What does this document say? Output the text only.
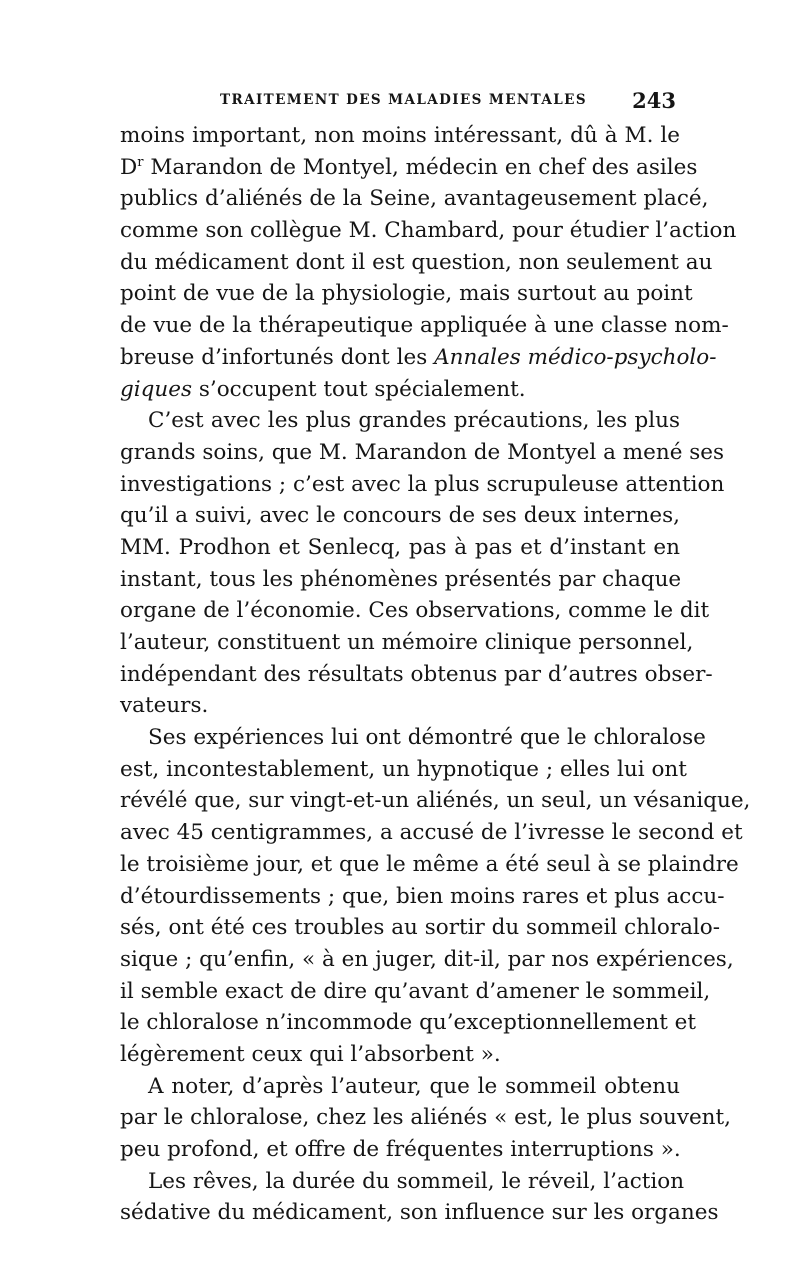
TRAITEMENT DES MALADIES MENTALES 243
moins important, non moins intéressant, dû à M. le
$D^r$ Marandon de Montyel, médecin en chef des asiles
publics d’aliénés de la Seine, avantageusement placé,
comme son collègue M. Chambard, pour étudier l’action
du médicament dont il est question, non seulement au
point de vue de la physiologie, mais surtout au point
de vue de la thérapeutique appliquée à une classe nom-
breuse d’infortunés dont les Annales médico-psycholo-
giques s’occupent tout spécialement.
C’est avec les plus grandes précautions, les plus
grands soins, que M. Marandon de Montyel a mené ses
investigations ; c’est avec la plus scrupuleuse attention
qu’il a suivi, avec le concours de ses deux internes,
MM. Prodhon et Senlecq, pas à pas et d’instant en
instant, tous les phénomènes présentés par chaque
organe de l’économie. Ces observations, comme le dit
l’auteur, constituent un mémoire clinique personnel,
indépendant des résultats obtenus par d’autres obser-
vateurs.
Ses expériences lui ont démontré que le chloralose
est, incontestablement, un hypnotique ; elles lui ont
révélé que, sur vingt-et-un aliénés, un seul, un vésanique,
avec 45 centigrammes, a accusé de l’ivresse le second et
le troisième jour, et que le même a été seul à se plaindre
d’étourdissements ; que, bien moins rares et plus accu-
sés, ont été ces troubles au sortir du sommeil chloralo-
sique ; qu’enfin, « à en juger, dit-il, par nos expériences,
il semble exact de dire qu’avant d’amener le sommeil,
le chloralose n’incommode qu’exceptionnellement et
légèrement ceux qui l’absorbent ».
A noter, d’après l’auteur, que le sommeil obtenu
par le chloralose, chez les aliénés « est, le plus souvent,
peu profond, et offre de fréquentes interruptions ».
Les rêves, la durée du sommeil, le réveil, l’action
sédative du médicament, son influence sur les organes
